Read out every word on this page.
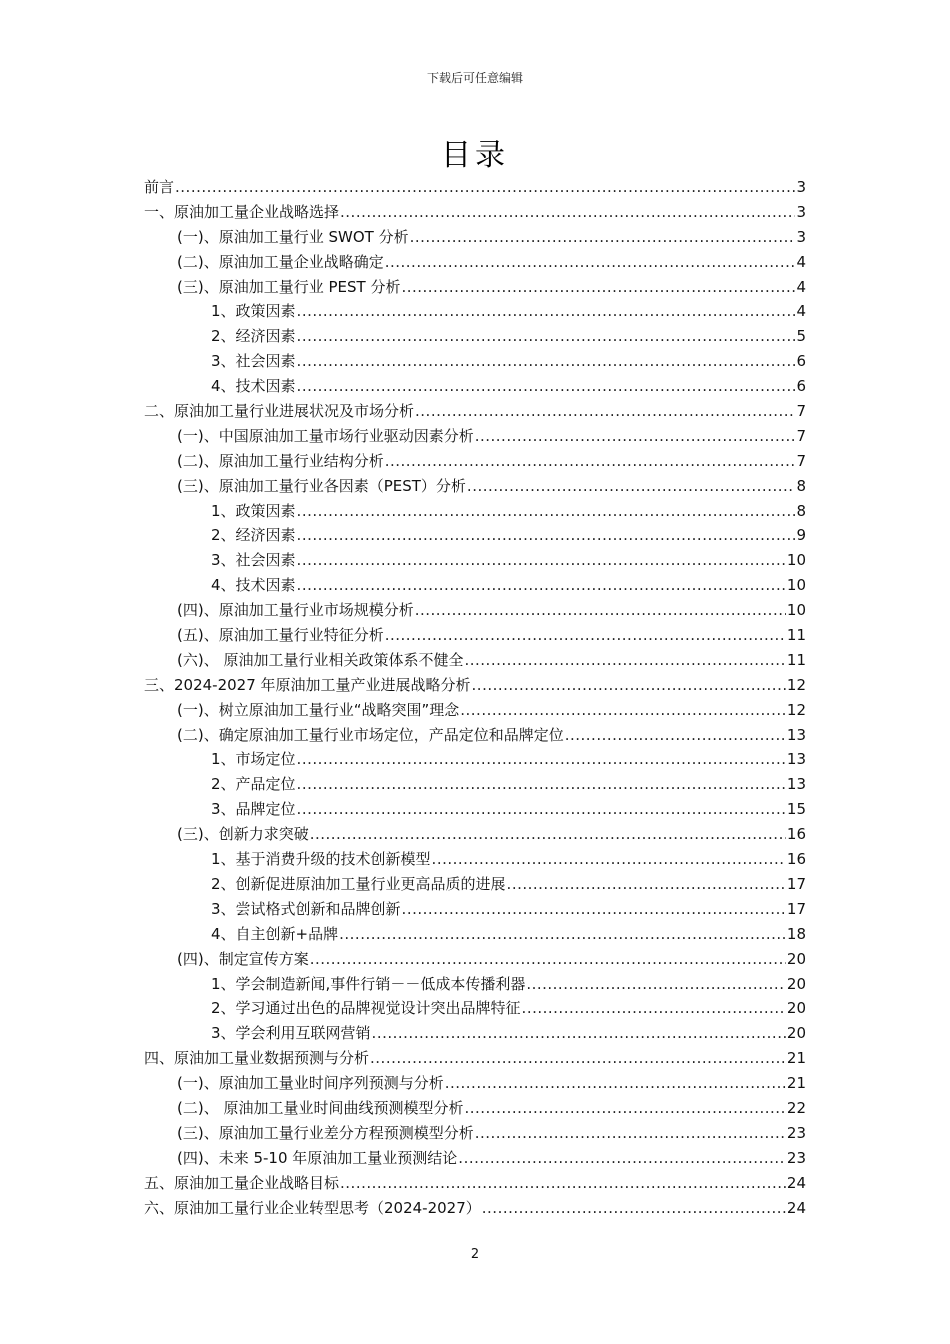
下载后可任意编辑
目录
前言 .....	3
一、原油加工量企业战略选择 .....	3
(一)、原油加工量行业 SWOT 分析 .....	3
(二)、原油加工量企业战略确定 .....	4
(三)、原油加工量行业 PEST 分析 .....	4
1、政策因素 .....	4
2、经济因素 .....	5
3、社会因素 .....	6
4、技术因素 .....	6
二、原油加工量行业进展状况及市场分析 .....	7
(一)、中国原油加工量市场行业驱动因素分析 .....	7
(二)、原油加工量行业结构分析 .....	7
(三)、原油加工量行业各因素（PEST）分析 .....	8
1、政策因素 .....	8
2、经济因素 .....	9
3、社会因素 .....	10
4、技术因素 .....	10
(四)、原油加工量行业市场规模分析 .....	10
(五)、原油加工量行业特征分析 .....	11
(六)、 原油加工量行业相关政策体系不健全 .....	11
三、2024-2027 年原油加工量产业进展战略分析 .....	12
(一)、树立原油加工量行业“战略突围”理念 .....	12
(二)、确定原油加工量行业市场定位，产品定位和品牌定位 .....	13
1、市场定位 .....	13
2、产品定位 .....	13
3、品牌定位 .....	15
(三)、创新力求突破 .....	16
1、基于消费升级的技术创新模型 .....	16
2、创新促进原油加工量行业更高品质的进展 .....	17
3、尝试格式创新和品牌创新 .....	17
4、自主创新+品牌 .....	18
(四)、制定宣传方案 .....	20
1、学会制造新闻,事件行销－－低成本传播利器 .....	20
2、学习通过出色的品牌视觉设计突出品牌特征 .....	20
3、学会利用互联网营销 .....	20
四、原油加工量业数据预测与分析 .....	21
(一)、原油加工量业时间序列预测与分析 .....	21
(二)、 原油加工量业时间曲线预测模型分析 .....	22
(三)、原油加工量行业差分方程预测模型分析 .....	23
(四)、未来 5-10 年原油加工量业预测结论 .....	23
五、原油加工量企业战略目标 .....	24
六、原油加工量行业企业转型思考（2024-2027） .....	24
2
